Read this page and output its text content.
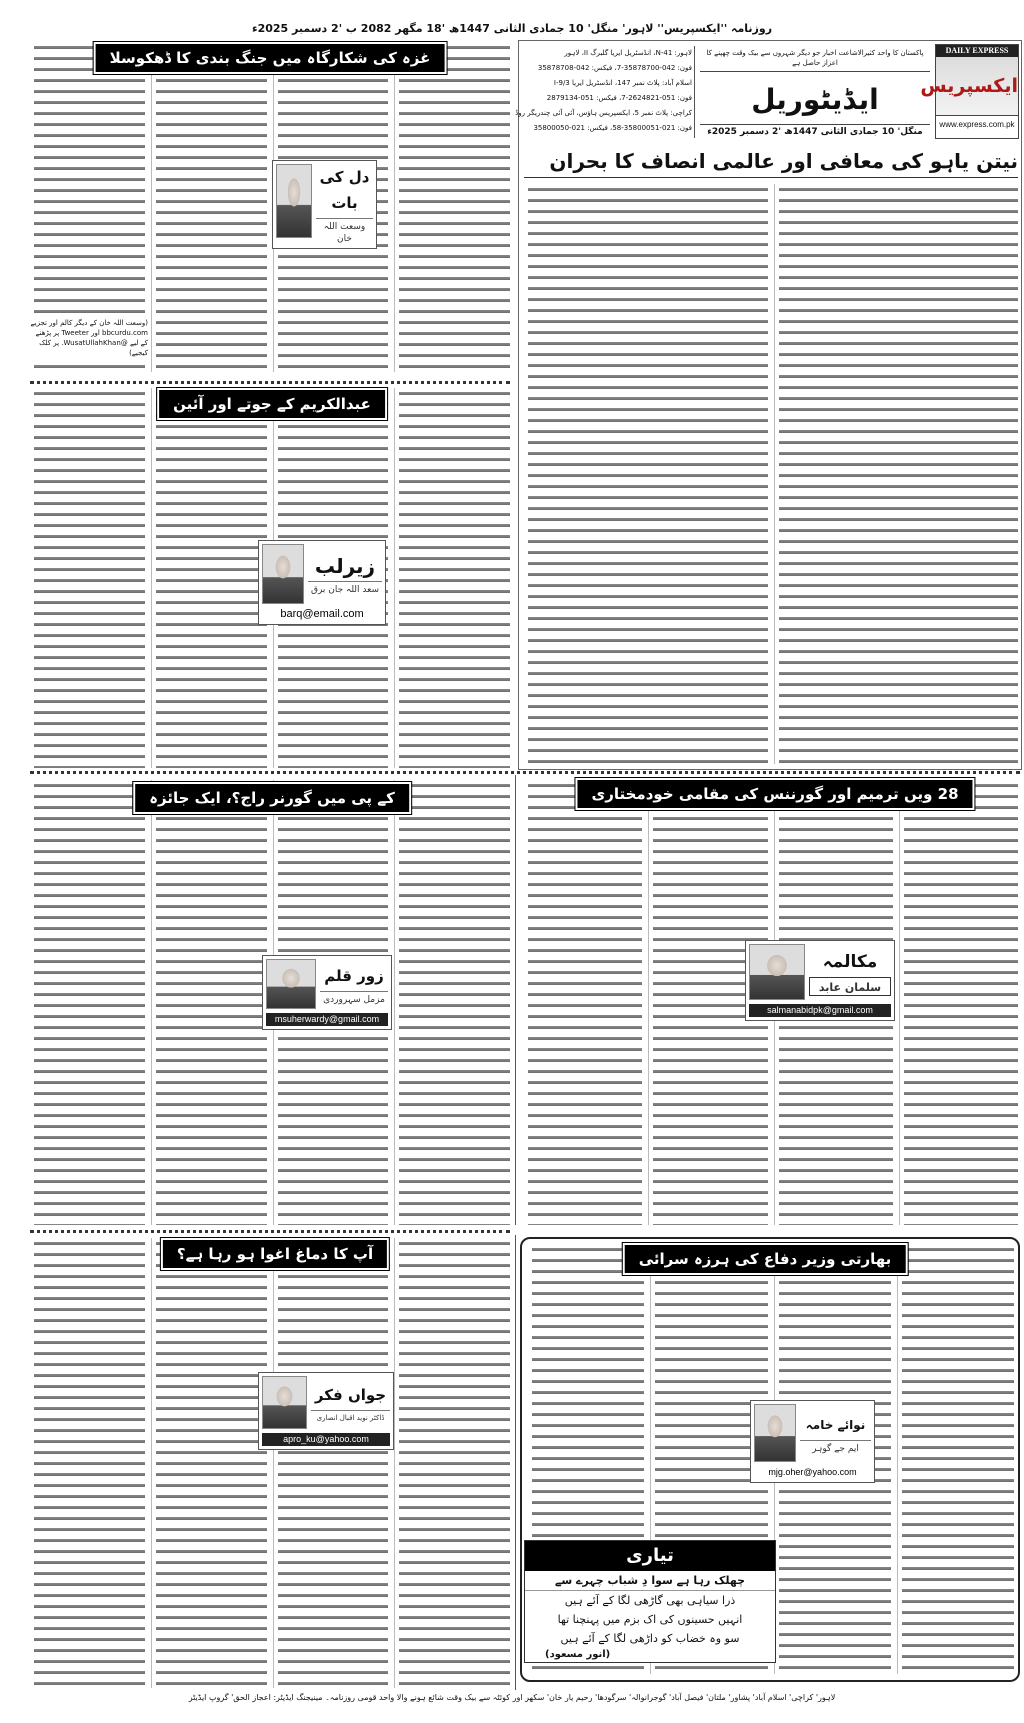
روزنامہ ''ایکسپریس'' لاہور' منگل' 10 جمادی الثانی 1447ھ '18 مگھر 2082 ب '2 دسمبر 2025ء
DAILY EXPRESS
ایکسپریس
www.express.com.pk
پاکستان کا واحد کثیرالاشاعت اخبار جو دیگر شہروں سے بیک وقت چھپنے کا اعزاز حاصل ہے
ایڈیٹوریل
منگل' 10 جمادی الثانی 1447ھ '2 دسمبر 2025ء
لاہور: 41-N، انڈسٹریل ایریا گلبرگ II، لاہور
فون: 042-35878700-7، فیکس: 042-35878708
اسلام آباد: پلاٹ نمبر 147، انڈسٹریل ایریا I-9/3
فون: 051-2624821-7، فیکس: 051-2879134
کراچی: پلاٹ نمبر 5، ایکسپریس ہاؤس، آئی آئی چندریگر روڈ
فون: 021-35800051-58، فیکس: 021-35800050
نیتن یاہو کی معافی اور عالمی انصاف کا بحران
غزہ کی شکارگاہ میں جنگ بندی کا ڈھکوسلا
دل کی بات
وسعت اللہ خان
(وسعت اللہ خان کے دیگر کالم اور تجزیے bbcurdu.com اور Tweeter پر پڑھنے کے لیے @WusatUllahKhan. پر کلک کیجیے)
عبدالکریم کے جوتے اور آئین
زیرلب
سعد اللہ جان برق
barq@email.com
کے پی میں گورنر راج؟، ایک جائزہ
زور قلم
مزمل سہروردی
msuherwardy@gmail.com
28 ویں ترمیم اور گورننس کی مقامی خودمختاری
مکالمہ
سلمان عابد
salmanabidpk@gmail.com
آپ کا دماغ اغوا ہو رہا ہے؟
جواں فکر
ڈاکٹر نوید اقبال انصاری
apro_ku@yahoo.com
بھارتی وزیر دفاع کی ہرزہ سرائی
نوائے خامہ
ایم جے گوہر
mjg.oher@yahoo.com
تیاری
چھلک رہا ہے سوا دِ شباب چہرے سے
ذرا سیاہی بھی گاڑھی لگا کے آئے ہیں
انہیں حسینوں کی اک بزم میں پہنچنا تھا
سو وہ خضاب کو داڑھی لگا کے آئے ہیں
(انور مسعود)
لاہور' کراچی' اسلام آباد' پشاور' ملتان' فیصل آباد' گوجرانوالہ' سرگودھا' رحیم یار خان' سکھر اور کوئٹہ سے بیک وقت شائع ہونے والا واحد قومی روزنامہ۔ مینیجنگ ایڈیٹر: اعجاز الحق' گروپ ایڈیٹر
